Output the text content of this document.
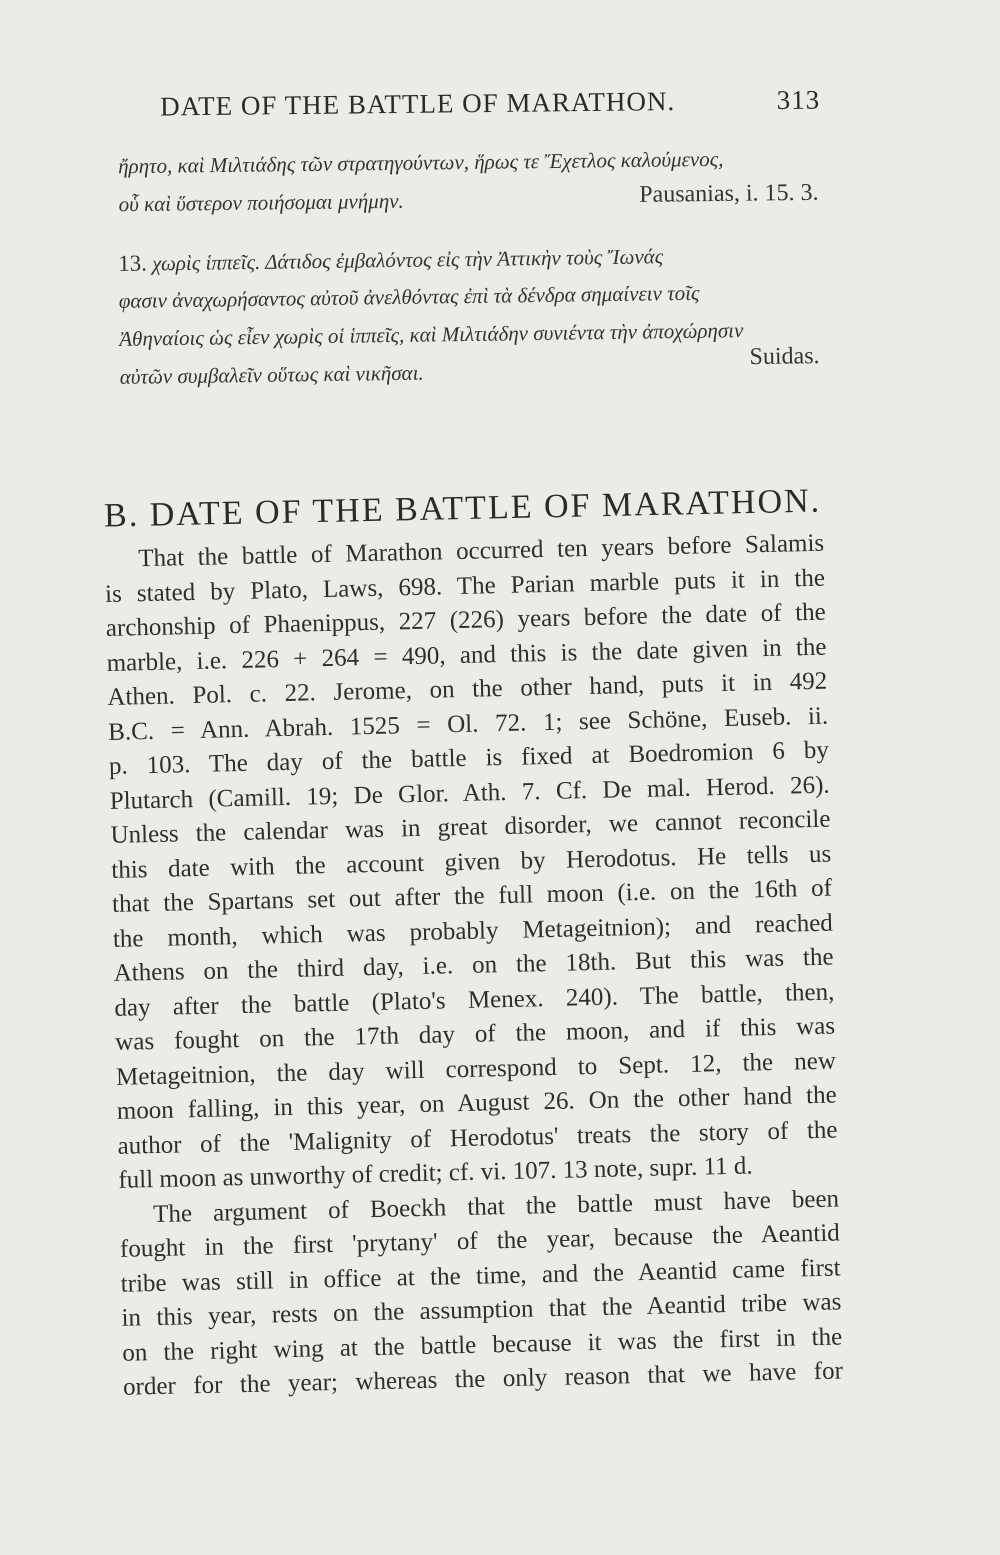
DATE OF THE BATTLE OF MARATHON.	313
ἤρητο, καὶ Μιλτιάδης τῶν στρατηγούντων, ἥρως τε Ἔχετλος καλούμενος,
οὗ καὶ ὕστερον ποιήσομαι μνήμην.	Pausanias, i. 15. 3.
13. χωρὶς ἱππεῖς. Δάτιδος ἐμβαλόντος εἰς τὴν Ἀττικὴν τοὺς Ἴωνάς
φασιν ἀναχωρήσαντος αὐτοῦ ἀνελθόντας ἐπὶ τὰ δένδρα σημαίνειν τοῖς
Ἀθηναίοις ὡς εἶεν χωρὶς οἱ ἱππεῖς, καὶ Μιλτιάδην συνιέντα τὴν ἀποχώρησιν
αὐτῶν συμβαλεῖν οὕτως καὶ νικῆσαι.
Suidas.
B. DATE OF THE BATTLE OF MARATHON.
That the battle of Marathon occurred ten years before Salamis
is stated by Plato, Laws, 698. The Parian marble puts it in the
archonship of Phaenippus, 227 (226) years before the date of the
marble, i.e. 226 + 264 = 490, and this is the date given in the
Athen. Pol. c. 22. Jerome, on the other hand, puts it in 492
B.C. = Ann. Abrah. 1525 = Ol. 72. 1; see Schöne, Euseb. ii.
p. 103. The day of the battle is fixed at Boedromion 6 by
Plutarch (Camill. 19; De Glor. Ath. 7. Cf. De mal. Herod. 26).
Unless the calendar was in great disorder, we cannot reconcile
this date with the account given by Herodotus. He tells us
that the Spartans set out after the full moon (i.e. on the 16th of
the month, which was probably Metageitnion); and reached
Athens on the third day, i.e. on the 18th. But this was the
day after the battle (Plato's Menex. 240). The battle, then,
was fought on the 17th day of the moon, and if this was
Metageitnion, the day will correspond to Sept. 12, the new
moon falling, in this year, on August 26. On the other hand the
author of the 'Malignity of Herodotus' treats the story of the
full moon as unworthy of credit; cf. vi. 107. 13 note, supr. 11 d.
The argument of Boeckh that the battle must have been
fought in the first 'prytany' of the year, because the Aeantid
tribe was still in office at the time, and the Aeantid came first
in this year, rests on the assumption that the Aeantid tribe was
on the right wing at the battle because it was the first in the
order for the year; whereas the only reason that we have for
